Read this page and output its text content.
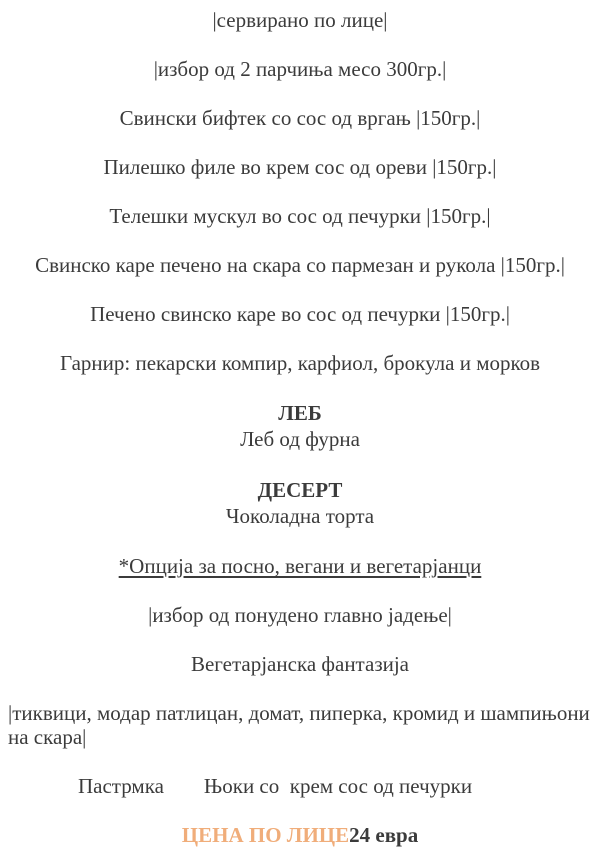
|сервирано по лице|

|избор од 2 парчиња месо 300гр.|

Свински бифтек со сос од вргањ |150гр.|

Пилешко филе во крем сос од ореви |150гр.|

Телешки мускул во сос од печурки |150гр.|

Свинско каре печено на скара со пармезан и рукола |150гр.|

Печено свинско каре во сос од печурки |150гр.|

Гарнир: пекарски компир, карфиол, брокула и морков

ЛЕБ
Леб од фурна

ДЕСЕРТ
Чоколадна торта

*Опција за посно, вегани и вегетарјанци

|избор од понудено главно јадење|

Вегетарјанска фантазија

|тиквици, модар патлицан, домат, пиперка, кромид и шампињони на скара|

Пастрмка Њоки со  крем сос од печурки

ЦЕНА ПО ЛИЦЕ24 евра
